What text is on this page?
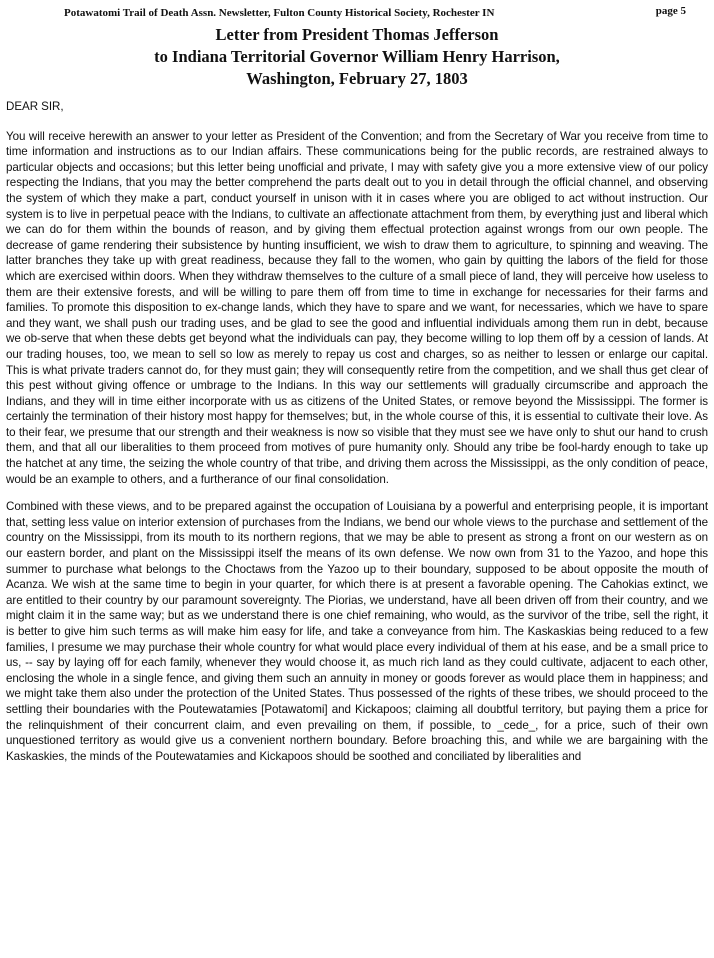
Potawatomi Trail of Death Assn. Newsletter, Fulton County Historical Society, Rochester IN	page 5
Letter from President Thomas Jefferson
to Indiana Territorial Governor William Henry Harrison,
Washington, February 27, 1803
DEAR SIR,

You will receive herewith an answer to your letter as President of the Convention; and from the Secretary of War you receive from time to time information and instructions as to our Indian affairs. These communications being for the public records, are restrained always to particular objects and occasions; but this letter being unofficial and private, I may with safety give you a more extensive view of our policy respecting the Indians, that you may the better comprehend the parts dealt out to you in detail through the official channel, and observing the system of which they make a part, conduct yourself in unison with it in cases where you are obliged to act without instruction. Our system is to live in perpetual peace with the Indians, to cultivate an affectionate attachment from them, by everything just and liberal which we can do for them within the bounds of reason, and by giving them effectual protection against wrongs from our own people. The decrease of game rendering their subsistence by hunting insufficient, we wish to draw them to agriculture, to spinning and weaving. The latter branches they take up with great readiness, because they fall to the women, who gain by quitting the labors of the field for those which are exercised within doors. When they withdraw themselves to the culture of a small piece of land, they will perceive how useless to them are their extensive forests, and will be willing to pare them off from time to time in exchange for necessaries for their farms and families. To promote this disposition to ex-change lands, which they have to spare and we want, for necessaries, which we have to spare and they want, we shall push our trading uses, and be glad to see the good and influential individuals among them run in debt, because we ob-serve that when these debts get beyond what the individuals can pay, they become willing to lop them off by a cession of lands. At our trading houses, too, we mean to sell so low as merely to repay us cost and charges, so as neither to lessen or enlarge our capital. This is what private traders cannot do, for they must gain; they will consequently retire from the competition, and we shall thus get clear of this pest without giving offence or umbrage to the Indians. In this way our settlements will gradually circumscribe and approach the Indians, and they will in time either incorporate with us as citizens of the United States, or remove beyond the Mississippi. The former is certainly the termination of their history most happy for themselves; but, in the whole course of this, it is essential to cultivate their love. As to their fear, we presume that our strength and their weakness is now so visible that they must see we have only to shut our hand to crush them, and that all our liberalities to them proceed from motives of pure humanity only. Should any tribe be fool-hardy enough to take up the hatchet at any time, the seizing the whole country of that tribe, and driving them across the Mississippi, as the only condition of peace, would be an example to others, and a furtherance of our final consolidation.

Combined with these views, and to be prepared against the occupation of Louisiana by a powerful and enterprising people, it is important that, setting less value on interior extension of purchases from the Indians, we bend our whole views to the purchase and settlement of the country on the Mississippi, from its mouth to its northern regions, that we may be able to present as strong a front on our western as on our eastern border, and plant on the Mississippi itself the means of its own defense. We now own from 31 to the Yazoo, and hope this summer to purchase what belongs to the Choctaws from the Yazoo up to their boundary, supposed to be about opposite the mouth of Acanza. We wish at the same time to begin in your quarter, for which there is at present a favorable opening. The Cahokias extinct, we are entitled to their country by our paramount sovereignty. The Piorias, we understand, have all been driven off from their country, and we might claim it in the same way; but as we understand there is one chief remaining, who would, as the survivor of the tribe, sell the right, it is better to give him such terms as will make him easy for life, and take a conveyance from him. The Kaskaskias being reduced to a few families, I presume we may purchase their whole country for what would place every individual of them at his ease, and be a small price to us, -- say by laying off for each family, whenever they would choose it, as much rich land as they could cultivate, adjacent to each other, enclosing the whole in a single fence, and giving them such an annuity in money or goods forever as would place them in happiness; and we might take them also under the protection of the United States. Thus possessed of the rights of these tribes, we should proceed to the settling their boundaries with the Poutewatamies [Potawatomi] and Kickapoos; claiming all doubtful territory, but paying them a price for the relinquishment of their concurrent claim, and even prevailing on them, if possible, to _cede_, for a price, such of their own unquestioned territory as would give us a convenient northern boundary. Before broaching this, and while we are bargaining with the Kaskaskies, the minds of the Poutewatamies and Kickapoos should be soothed and conciliated by liberalities and
